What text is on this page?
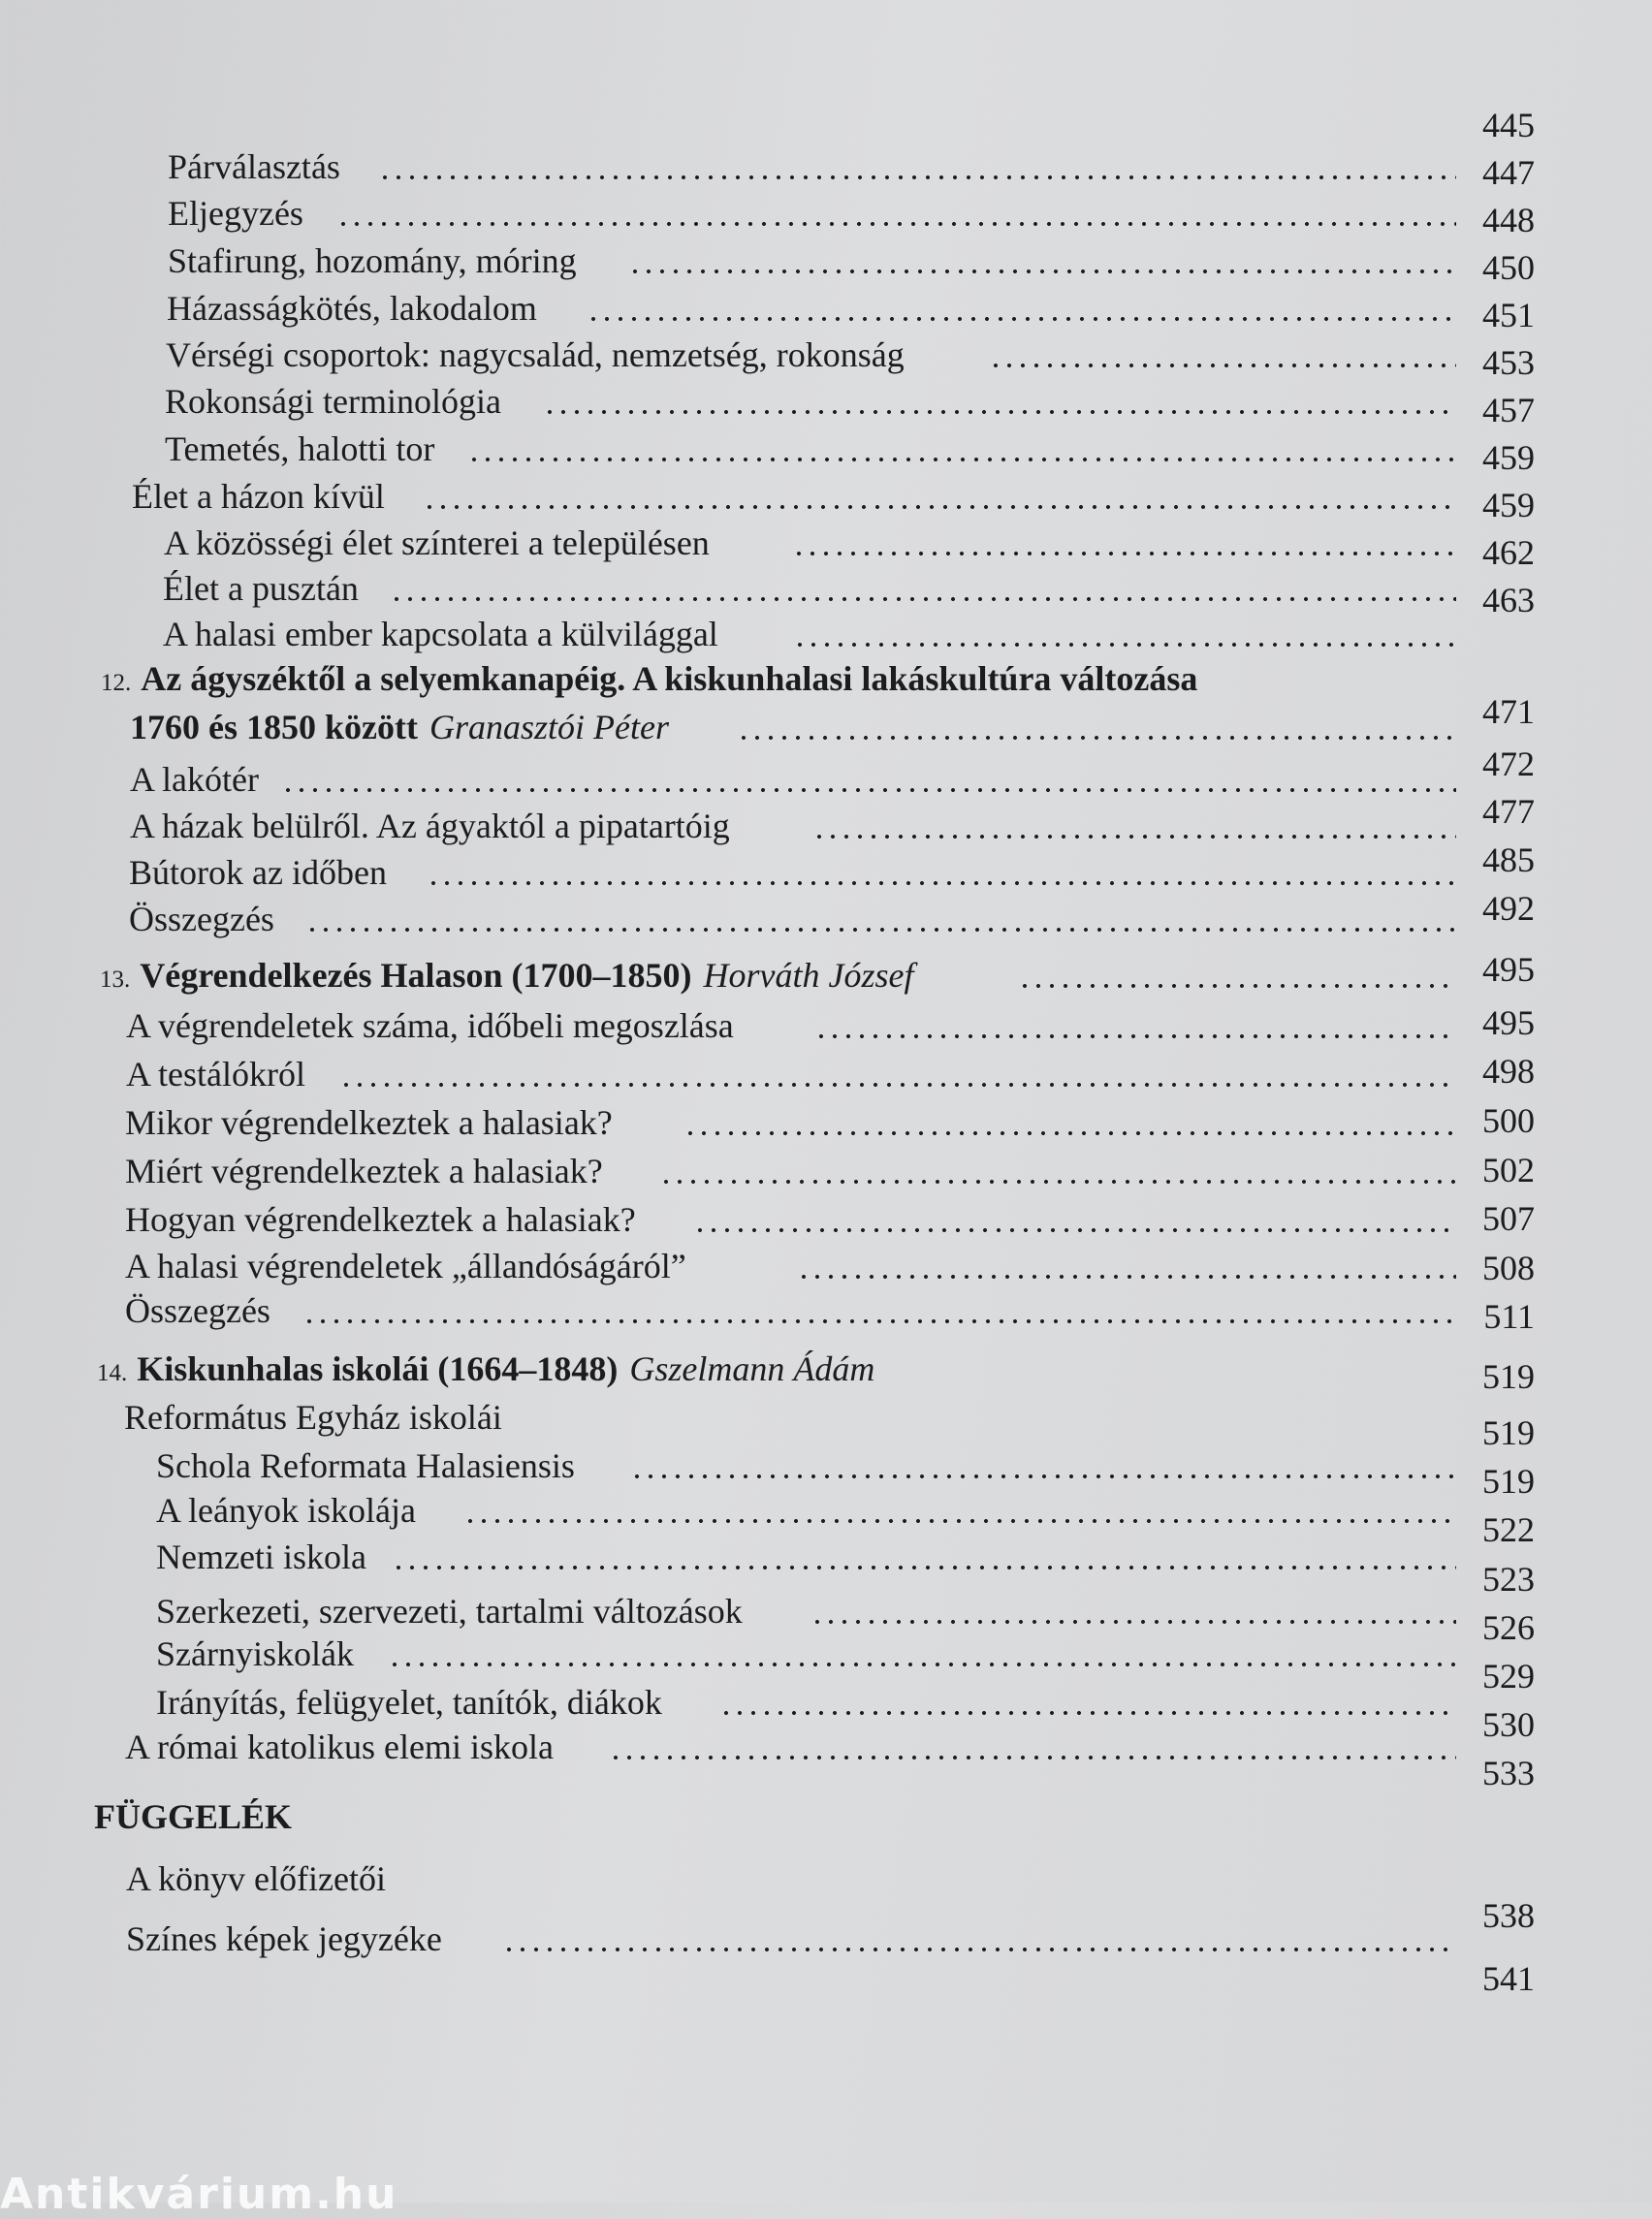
Párválasztás
Eljegyzés
Stafirung, hozomány, móring
Házasságkötés, lakodalom
Vérségi csoportok: nagycsalád, nemzetség, rokonság
Rokonsági terminológia
Temetés, halotti tor
Élet a házon kívül
A közösségi élet színterei a településen
Élet a pusztán
A halasi ember kapcsolata a külvilággal
12. Az ágyszéktől a selyemkanapéig. A kiskunhalasi lakáskultúra változása
1760 és 1850 között Granasztói Péter
A lakótér
A házak belülről. Az ágyaktól a pipatartóig
Bútorok az időben
Összegzés
13. Végrendelkezés Halason (1700–1850) Horváth József
A végrendeletek száma, időbeli megoszlása
A testálókról
Mikor végrendelkeztek a halasiak?
Miért végrendelkeztek a halasiak?
Hogyan végrendelkeztek a halasiak?
A halasi végrendeletek „állandóságáról”
Összegzés
14. Kiskunhalas iskolái (1664–1848) Gszelmann Ádám
Református Egyház iskolái
Schola Reformata Halasiensis
A leányok iskolája
Nemzeti iskola
Szerkezeti, szervezeti, tartalmi változások
Szárnyiskolák
Irányítás, felügyelet, tanítók, diákok
A római katolikus elemi iskola
FÜGGELÉK
A könyv előfizetői
Színes képek jegyzéke
445
447
448
450
451
453
457
459
459
462
463
471
472
477
485
492
495
495
498
500
502
507
508
511
519
519
519
522
523
526
529
530
533
538
541
Antikvárium.hu
